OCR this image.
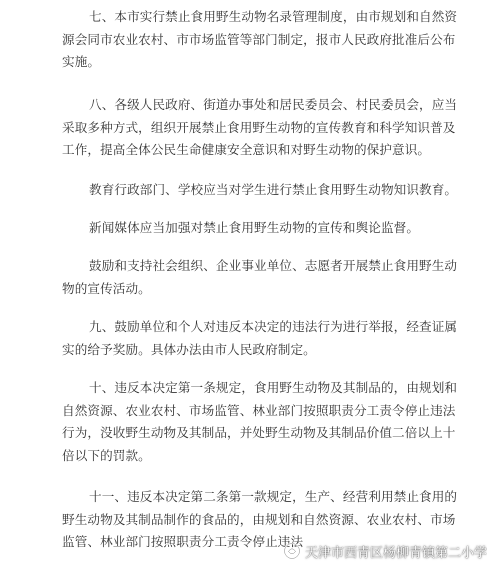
七、本市实行禁止食用野生动物名录管理制度，由市规划和自然资
源会同市农业农村、市市场监管等部门制定，报市人民政府批准后公布
实施。

八、各级人民政府、街道办事处和居民委员会、村民委员会，应当
采取多种方式，组织开展禁止食用野生动物的宣传教育和科学知识普及
工作，提高全体公民生命健康安全意识和对野生动物的保护意识。

教育行政部门、学校应当对学生进行禁止食用野生动物知识教育。

新闻媒体应当加强对禁止食用野生动物的宣传和舆论监督。

鼓励和支持社会组织、企业事业单位、志愿者开展禁止食用野生动
物的宣传活动。

九、鼓励单位和个人对违反本决定的违法行为进行举报，经查证属
实的给予奖励。具体办法由市人民政府制定。

十、违反本决定第一条规定，食用野生动物及其制品的，由规划和
自然资源、农业农村、市场监管、林业部门按照职责分工责令停止违法
行为，没收野生动物及其制品，并处野生动物及其制品价值二倍以上十
倍以下的罚款。

十一、违反本决定第二条第一款规定，生产、经营利用禁止食用的
野生动物及其制品制作的食品的，由规划和自然资源、农业农村、市场
监管、林业部门按照职责分工责令停止违法

天津市西青区杨柳青镇第二小学
